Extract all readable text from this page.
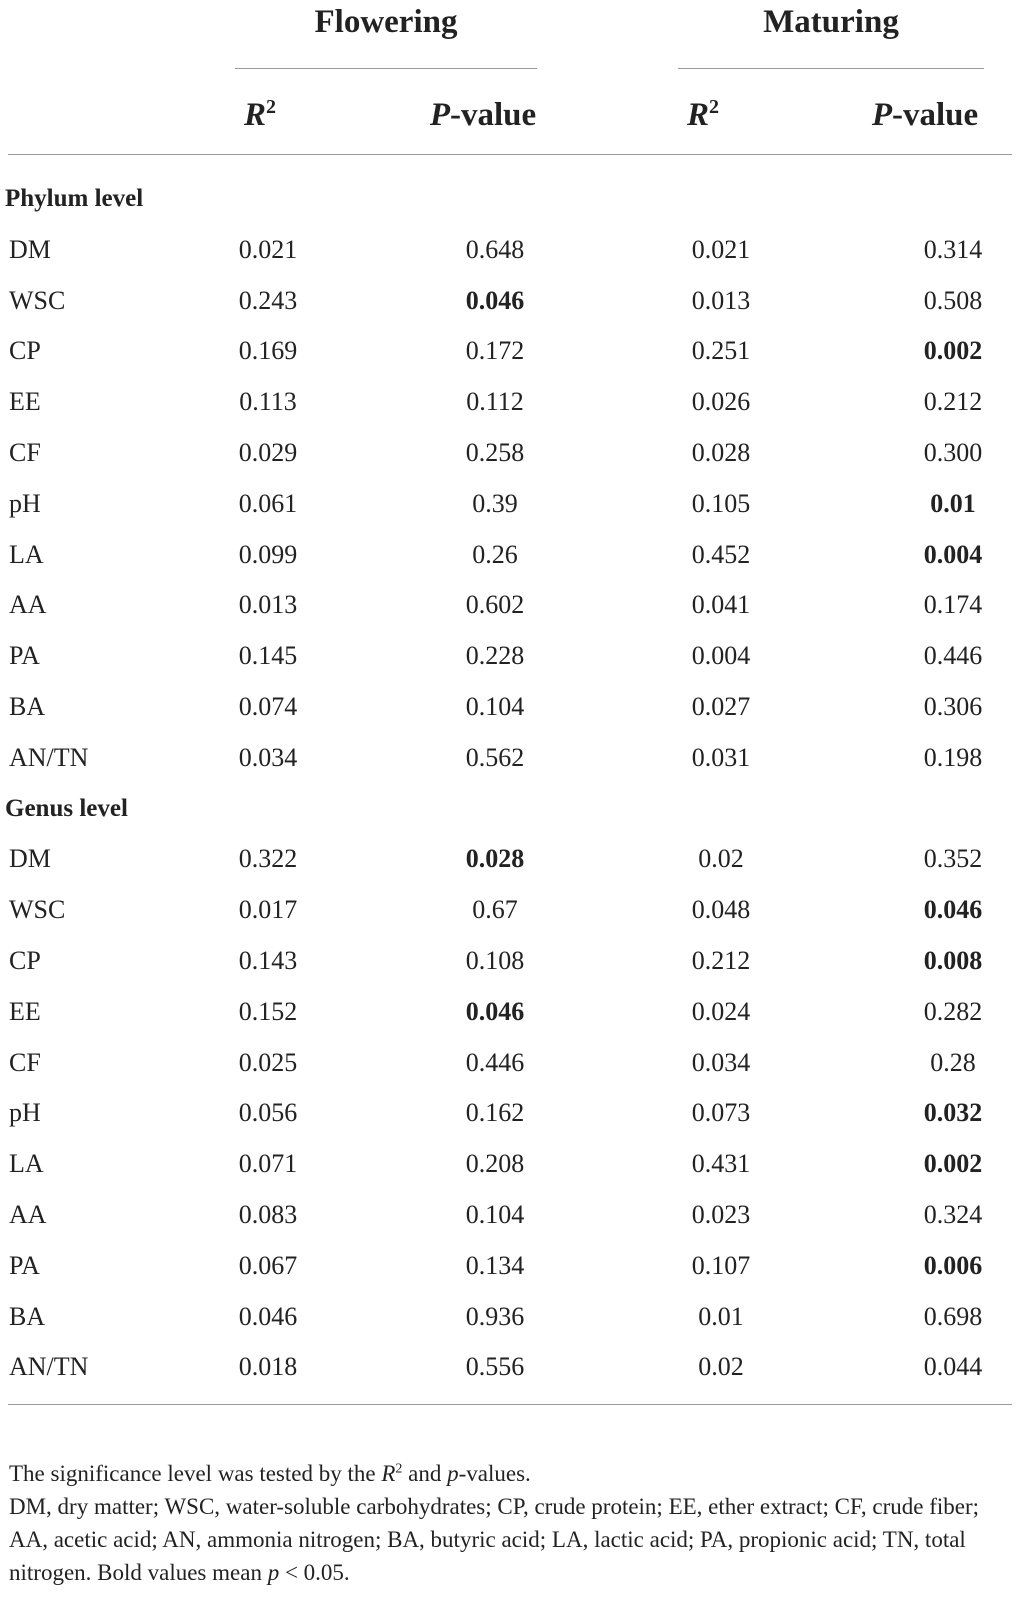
Flowering	Maturing
$R^2$	P-value	$R^2$	P-value
Phylum level
DM	0.021	0.648	0.021	0.314
WSC	0.243	0.046	0.013	0.508
CP	0.169	0.172	0.251	0.002
EE	0.113	0.112	0.026	0.212
CF	0.029	0.258	0.028	0.300
pH	0.061	0.39	0.105	0.01
LA	0.099	0.26	0.452	0.004
AA	0.013	0.602	0.041	0.174
PA	0.145	0.228	0.004	0.446
BA	0.074	0.104	0.027	0.306
AN/TN	0.034	0.562	0.031	0.198
Genus level
DM	0.322	0.028	0.02	0.352
WSC	0.017	0.67	0.048	0.046
CP	0.143	0.108	0.212	0.008
EE	0.152	0.046	0.024	0.282
CF	0.025	0.446	0.034	0.28
pH	0.056	0.162	0.073	0.032
LA	0.071	0.208	0.431	0.002
AA	0.083	0.104	0.023	0.324
PA	0.067	0.134	0.107	0.006
BA	0.046	0.936	0.01	0.698
AN/TN	0.018	0.556	0.02	0.044

The significance level was tested by the $R^2$ and p-values.

DM, dry matter; WSC, water-soluble carbohydrates; CP, crude protein; EE, ether extract; CF, crude fiber; AA, acetic acid; AN, ammonia nitrogen; BA, butyric acid; LA, lactic acid; PA, propionic acid; TN, total nitrogen. Bold values mean p < 0.05.
